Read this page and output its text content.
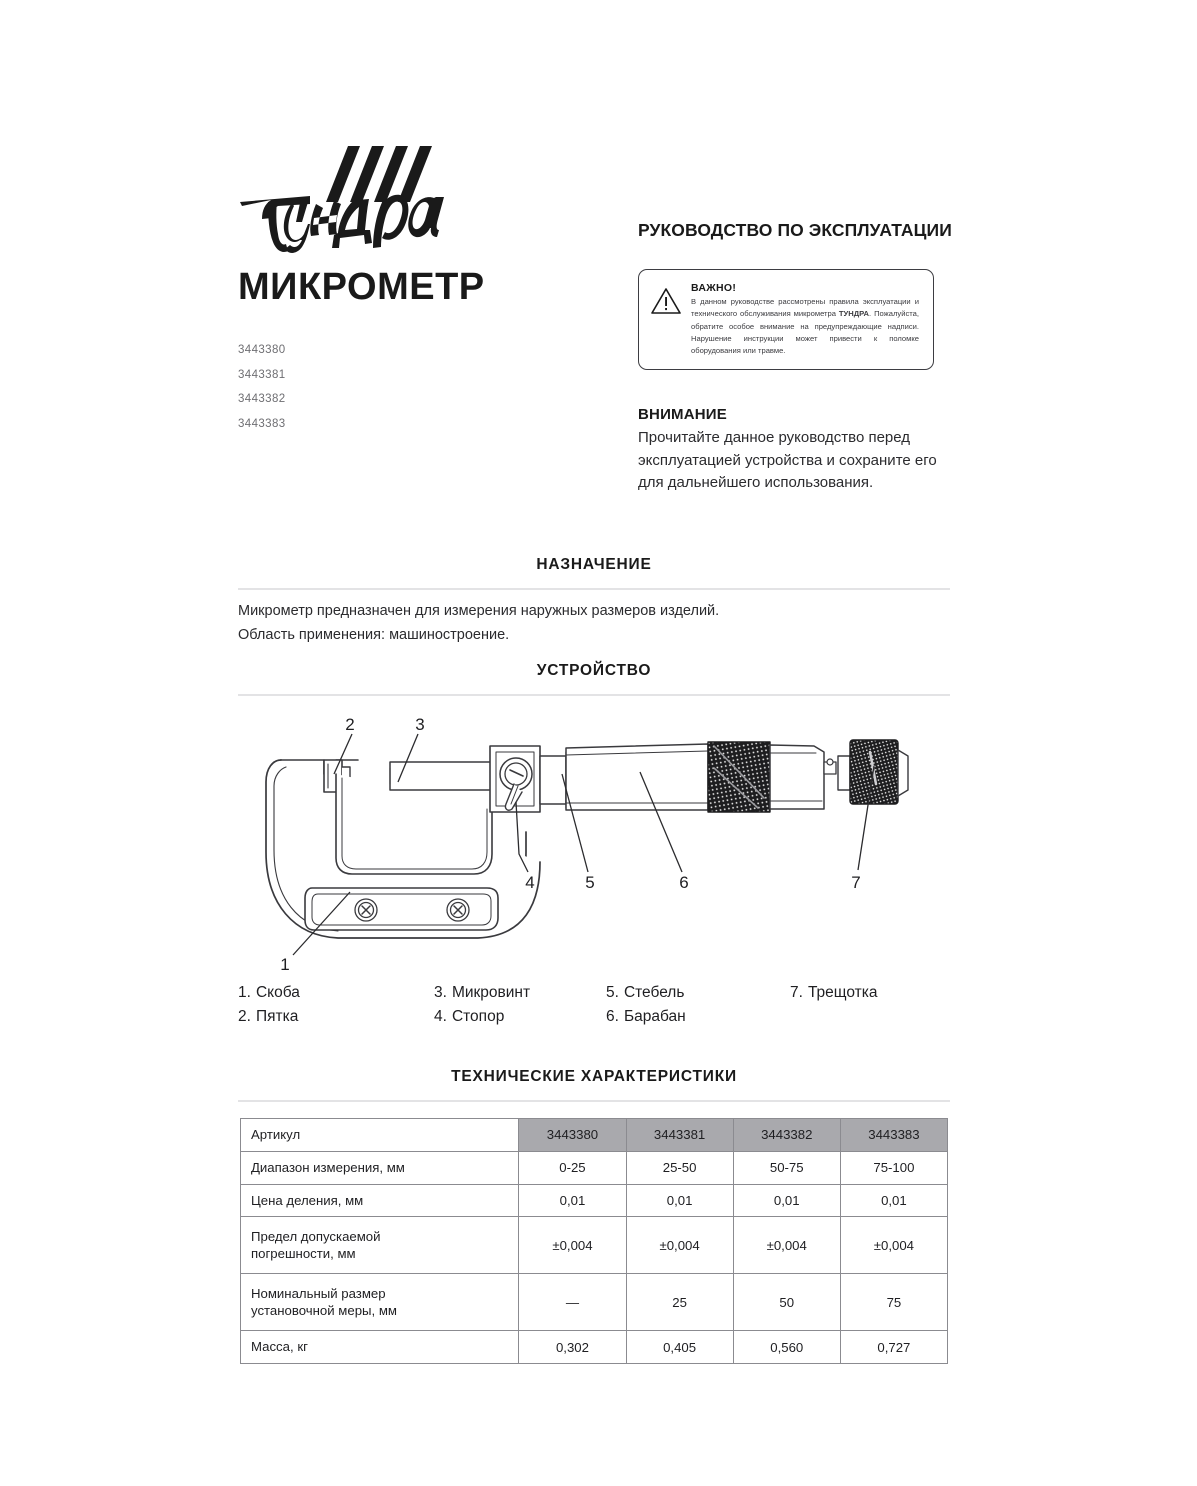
МИКРОМЕТР
3443380
3443381
3443382
3443383
РУКОВОДСТВО ПО ЭКСПЛУАТАЦИИ
ВАЖНО!
В данном руководстве рассмотрены правила эксплуатации и технического обслуживания микрометра ТУНДРА. Пожалуйста, обратите особое внимание на предупреждающие надписи. Нарушение инструкции может привести к поломке оборудования или травме.
ВНИМАНИЕ
Прочитайте данное руководство перед эксплуатацией устройства и сохраните его для дальнейшего использования.
НАЗНАЧЕНИЕ
Микрометр предназначен для измерения наружных размеров изделий.
Область применения: машиностроение.
УСТРОЙСТВО
1
2	3
4	5	6	7
1. Скоба	3. Микровинт	5. Стебель	7. Трещотка
2. Пятка	4. Стопор	6. Барабан
ТЕХНИЧЕСКИЕ ХАРАКТЕРИСТИКИ
Артикул	3443380	3443381	3443382	3443383
Диапазон измерения, мм	0-25	25-50	50-75	75-100
Цена деления, мм	0,01	0,01	0,01	0,01
Предел допускаемой
погрешности, мм	±0,004	±0,004	±0,004	±0,004
Номинальный размер
установочной меры, мм	—	25	50	75
Масса, кг	0,302	0,405	0,560	0,727
